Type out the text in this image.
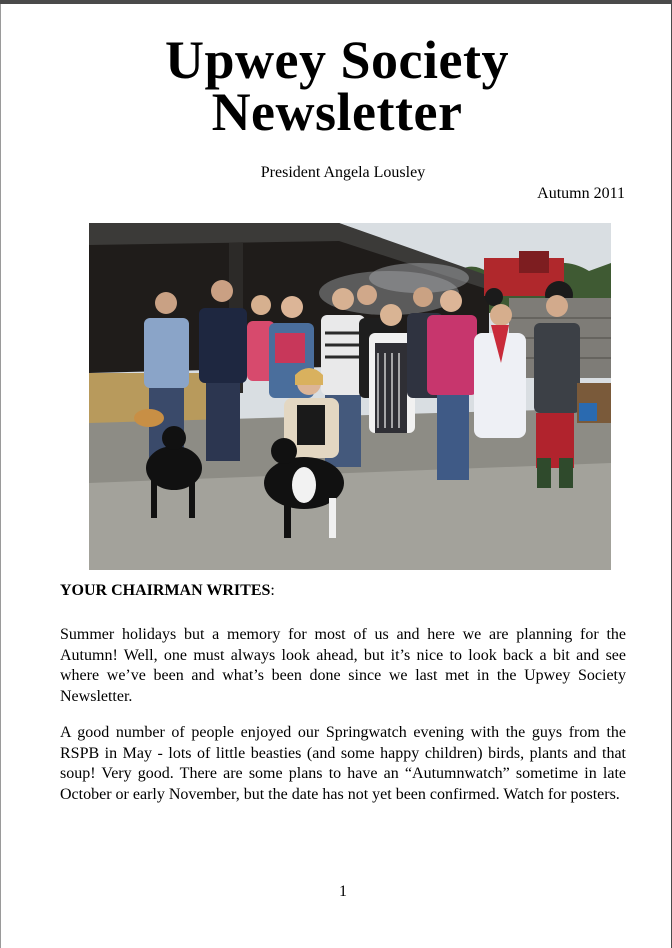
Upwey Society
Newsletter
President Angela Lousley
Autumn 2011
YOUR CHAIRMAN WRITES:

Summer holidays but a memory for most of us and here we are planning for the Autumn! Well, one must always look ahead, but it’s nice to look back a bit and see where we’ve been and what’s been done since we last met in the Upwey Society Newsletter.

A good number of people enjoyed our Springwatch evening with the guys from the RSPB in May - lots of little beasties (and some happy children) birds, plants and that soup! Very good. There are some plans to have an “Autumnwatch” sometime in late October or early November, but the date has not yet been confirmed. Watch for posters.

1
